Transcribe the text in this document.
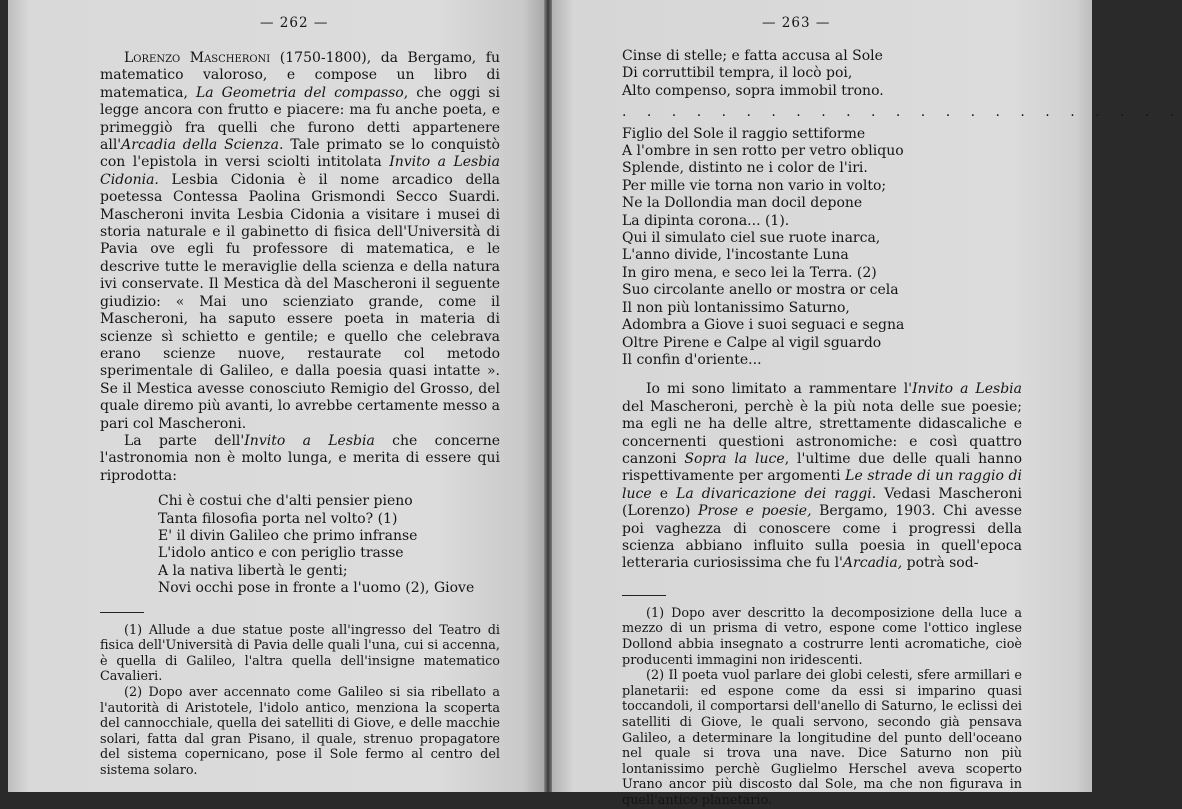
— 262 —

Lorenzo Mascheroni (1750-1800), da Bergamo, fu matematico valoroso, e compose un libro di matematica, La Geometria del compasso, che oggi si legge ancora con frutto e piacere: ma fu anche poeta, e primeggiò fra quelli che furono detti appartenere all'Arcadia della Scienza. Tale primato se lo conquistò con l'epistola in versi sciolti intitolata Invito a Lesbia Cidonia. Lesbia Cidonia è il nome arcadico della poetessa Contessa Paolina Grismondi Secco Suardi. Mascheroni invita Lesbia Cidonia a visitare i musei di storia naturale e il gabinetto di fisica dell'Università di Pavia ove egli fu professore di matematica, e le descrive tutte le meraviglie della scienza e della natura ivi conservate. Il Mestica dà del Mascheroni il seguente giudizio: « Mai uno scienziato grande, come il Mascheroni, ha saputo essere poeta in materia di scienze sì schietto e gentile; e quello che celebrava erano scienze nuove, restaurate col metodo sperimentale di Galileo, e dalla poesia quasi intatte ». Se il Mestica avesse conosciuto Remigio del Grosso, del quale diremo più avanti, lo avrebbe certamente messo a pari col Mascheroni.

La parte dell'Invito a Lesbia che concerne l'astronomia non è molto lunga, e merita di essere qui riprodotta:

Chi è costui che d'alti pensier pieno
Tanta filosofia porta nel volto? (1)
E' il divin Galileo che primo infranse
L'idolo antico e con periglio trasse
A la nativa libertà le genti;
Novi occhi pose in fronte a l'uomo (2), Giove

(1) Allude a due statue poste all'ingresso del Teatro di fisica dell'Università di Pavia delle quali l'una, cui si accenna, è quella di Galileo, l'altra quella dell'insigne matematico Cavalieri.

(2) Dopo aver accennato come Galileo si sia ribellato a l'autorità di Aristotele, l'idolo antico, menziona la scoperta del cannocchiale, quella dei satelliti di Giove, e delle macchie solari, fatta dal gran Pisano, il quale, strenuo propagatore del sistema copernicano, pose il Sole fermo al centro del sistema solaro.

— 263 —
Cinse di stelle; e fatta accusa al Sole
Di corruttibil tempra, il locò poi,
Alto compenso, sopra immobil trono.
. . . . . . . . . . . . . . . . . . . . . . .
Figlio del Sole il raggio settiforme
A l'ombre in sen rotto per vetro obliquo
Splende, distinto ne i color de l'iri.
Per mille vie torna non vario in volto;
Ne la Dollondia man docil depone
La dipinta corona... (1).
Qui il simulato ciel sue ruote inarca,
L'anno divide, l'incostante Luna
In giro mena, e seco lei la Terra. (2)
Suo circolante anello or mostra or cela
Il non più lontanissimo Saturno,
Adombra a Giove i suoi seguaci e segna
Oltre Pirene e Calpe al vigil sguardo
Il confin d'oriente...

Io mi sono limitato a rammentare l'Invito a Lesbia del Mascheroni, perchè è la più nota delle sue poesie; ma egli ne ha delle altre, strettamente didascaliche e concernenti questioni astronomiche: e così quattro canzoni Sopra la luce, l'ultime due delle quali hanno rispettivamente per argomenti Le strade di un raggio di luce e La divaricazione dei raggi. Vedasi Mascheroni (Lorenzo) Prose e poesie, Bergamo, 1903. Chi avesse poi vaghezza di conoscere come i progressi della scienza abbiano influito sulla poesia in quell'epoca letteraria curiosissima che fu l'Arcadia, potrà sod-

(1) Dopo aver descritto la decomposizione della luce a mezzo di un prisma di vetro, espone come l'ottico inglese Dollond abbia insegnato a costrurre lenti acromatiche, cioè producenti immagini non iridescenti.

(2) Il poeta vuol parlare dei globi celesti, sfere armillari e planetarii: ed espone come da essi si imparino quasi toccandoli, il comportarsi dell'anello di Saturno, le eclissi dei satelliti di Giove, le quali servono, secondo già pensava Galileo, a determinare la longitudine del punto dell'oceano nel quale si trova una nave. Dice Saturno non più lontanissimo perchè Guglielmo Herschel aveva scoperto Urano ancor più discosto dal Sole, ma che non figurava in quell'antico planetario.
